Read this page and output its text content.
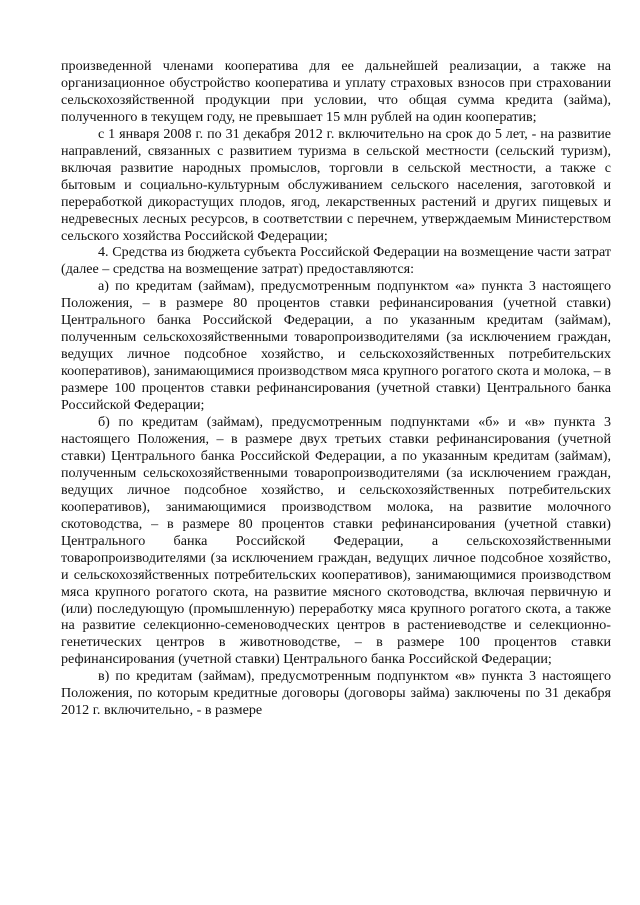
произведенной членами кооператива для ее дальнейшей реализации, а также на организационное обустройство кооператива и уплату страховых взносов при страховании сельскохозяйственной продукции при условии, что общая сумма кредита (займа), полученного в текущем году, не превышает 15 млн рублей на один кооператив;

с 1 января 2008 г. по 31 декабря 2012 г. включительно на срок до 5 лет, - на развитие направлений, связанных с развитием туризма в сельской местности (сельский туризм), включая развитие народных промыслов, торговли в сельской местности, а также с бытовым и социально-культурным обслуживанием сельского населения, заготовкой и переработкой дикорастущих плодов, ягод, лекарственных растений и других пищевых и недревесных лесных ресурсов, в соответствии с перечнем, утверждаемым Министерством сельского хозяйства Российской Федерации;

4. Средства из бюджета субъекта Российской Федерации на возмещение части затрат (далее – средства на возмещение затрат) предоставляются:

а) по кредитам (займам), предусмотренным подпунктом «а» пункта 3 настоящего Положения, – в размере 80 процентов ставки рефинансирования (учетной ставки) Центрального банка Российской Федерации, а по указанным кредитам (займам), полученным сельскохозяйственными товаропроизводителями (за исключением граждан, ведущих личное подсобное хозяйство, и сельскохозяйственных потребительских кооперативов), занимающимися производством мяса крупного рогатого скота и молока, – в размере 100 процентов ставки рефинансирования (учетной ставки) Центрального банка Российской Федерации;

б) по кредитам (займам), предусмотренным подпунктами «б» и «в» пункта 3 настоящего Положения, – в размере двух третьих ставки рефинансирования (учетной ставки) Центрального банка Российской Федерации, а по указанным кредитам (займам), полученным сельскохозяйственными товаропроизводителями (за исключением граждан, ведущих личное подсобное хозяйство, и сельскохозяйственных потребительских кооперативов), занимающимися производством молока, на развитие молочного скотоводства, – в размере 80 процентов ставки рефинансирования (учетной ставки) Центрального банка Российской Федерации, а сельскохозяйственными товаропроизводителями (за исключением граждан, ведущих личное подсобное хозяйство, и сельскохозяйственных потребительских кооперативов), занимающимися производством мяса крупного рогатого скота, на развитие мясного скотоводства, включая первичную и (или) последующую (промышленную) переработку мяса крупного рогатого скота, а также на развитие селекционно-семеноводческих центров в растениеводстве и селекционно-генетических центров в животноводстве, – в размере 100 процентов ставки рефинансирования (учетной ставки) Центрального банка Российской Федерации;

в) по кредитам (займам), предусмотренным подпунктом «в» пункта 3 настоящего Положения, по которым кредитные договоры (договоры займа) заключены по 31 декабря 2012 г. включительно, - в размере
